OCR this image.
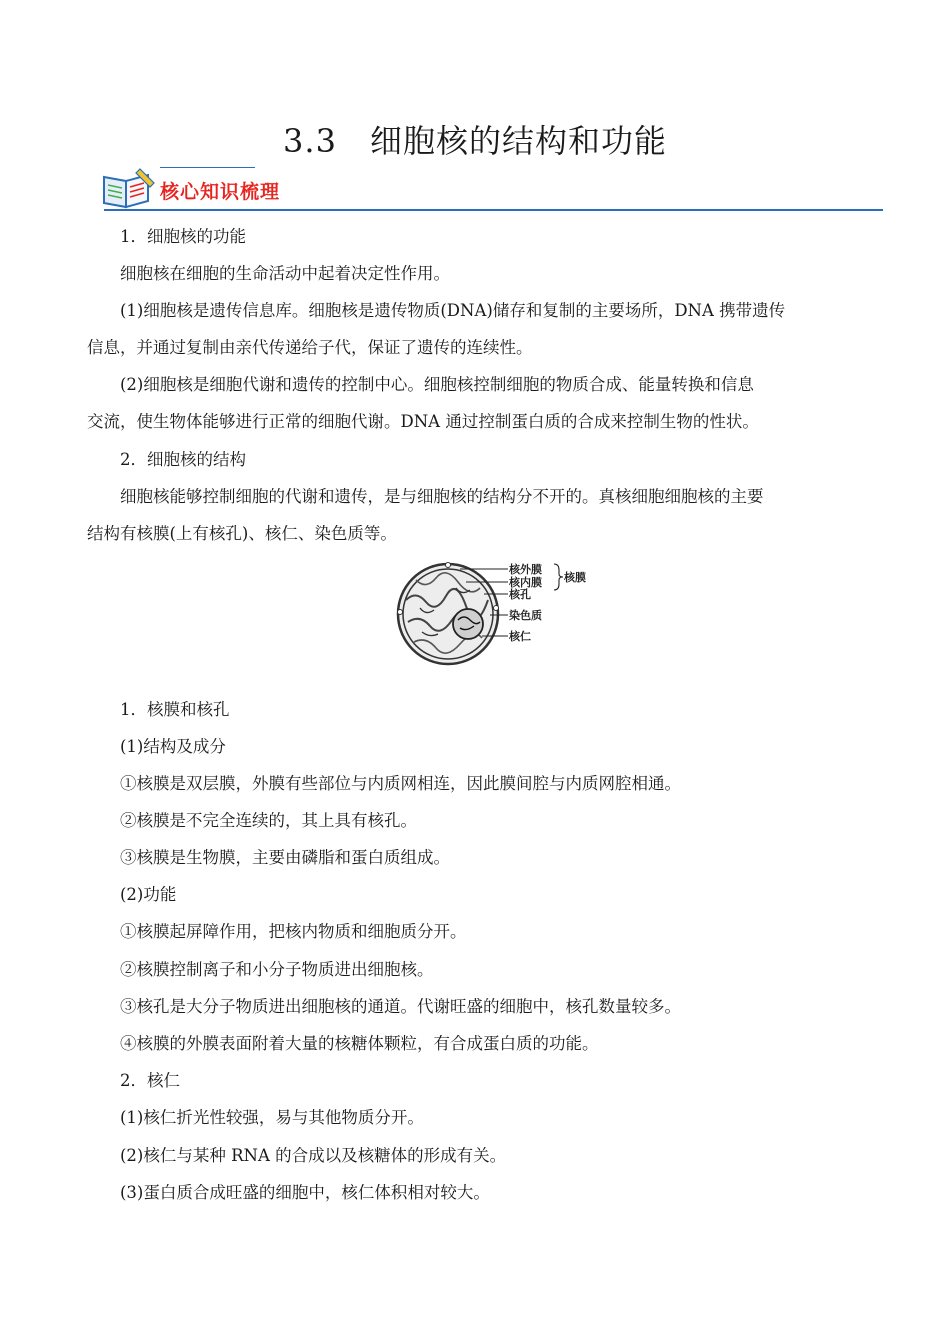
3.3　细胞核的结构和功能
核心知识梳理
1．细胞核的功能
细胞核在细胞的生命活动中起着决定性作用。
(1)细胞核是遗传信息库。细胞核是遗传物质(DNA)储存和复制的主要场所，DNA 携带遗传
信息，并通过复制由亲代传递给子代，保证了遗传的连续性。
(2)细胞核是细胞代谢和遗传的控制中心。细胞核控制细胞的物质合成、能量转换和信息
交流，使生物体能够进行正常的细胞代谢。DNA 通过控制蛋白质的合成来控制生物的性状。
2．细胞核的结构
细胞核能够控制细胞的代谢和遗传，是与细胞核的结构分不开的。真核细胞细胞核的主要
结构有核膜(上有核孔)、核仁、染色质等。
核外膜
核内膜 核膜
核孔
染色质
核仁
1．核膜和核孔
(1)结构及成分
①核膜是双层膜，外膜有些部位与内质网相连，因此膜间腔与内质网腔相通。
②核膜是不完全连续的，其上具有核孔。
③核膜是生物膜，主要由磷脂和蛋白质组成。
(2)功能
①核膜起屏障作用，把核内物质和细胞质分开。
②核膜控制离子和小分子物质进出细胞核。
③核孔是大分子物质进出细胞核的通道。代谢旺盛的细胞中，核孔数量较多。
④核膜的外膜表面附着大量的核糖体颗粒，有合成蛋白质的功能。
2．核仁
(1)核仁折光性较强，易与其他物质分开。
(2)核仁与某种 RNA 的合成以及核糖体的形成有关。
(3)蛋白质合成旺盛的细胞中，核仁体积相对较大。
